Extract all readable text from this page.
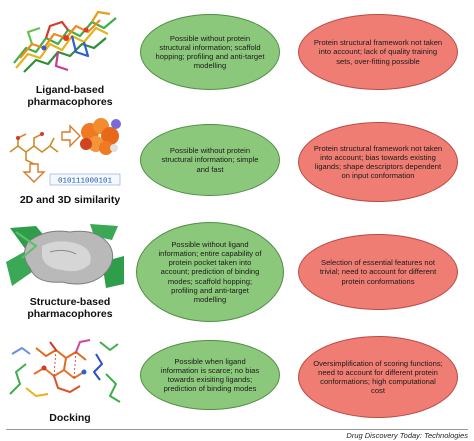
Ligand-based
pharmacophores
Possible without protein structural information; scaffold hopping; profiling and anti-target modelling
Protein structural framework not taken into account; lack of quality training sets, over-fitting possible
010111000101
2D and 3D similarity
Possible without protein structural information; simple and fast
Protein structural framework not taken into account; bias towards existing ligands; shape descriptors dependent on input conformation
Structure-based
pharmacophores
Possible without ligand information; entire capability of protein pocket taken into account; prediction of binding modes; scaffold hopping; profiling and anti-target modelling
Selection of essential features not trivial; need to account for different protein conformations
Docking
Possible when ligand information is scarce; no bias towards exisiting ligands; prediction of binding modes
Oversimplification of scoring functions; need to account for different protein conformations; high computational cost
Drug Discovery Today: Technologies
